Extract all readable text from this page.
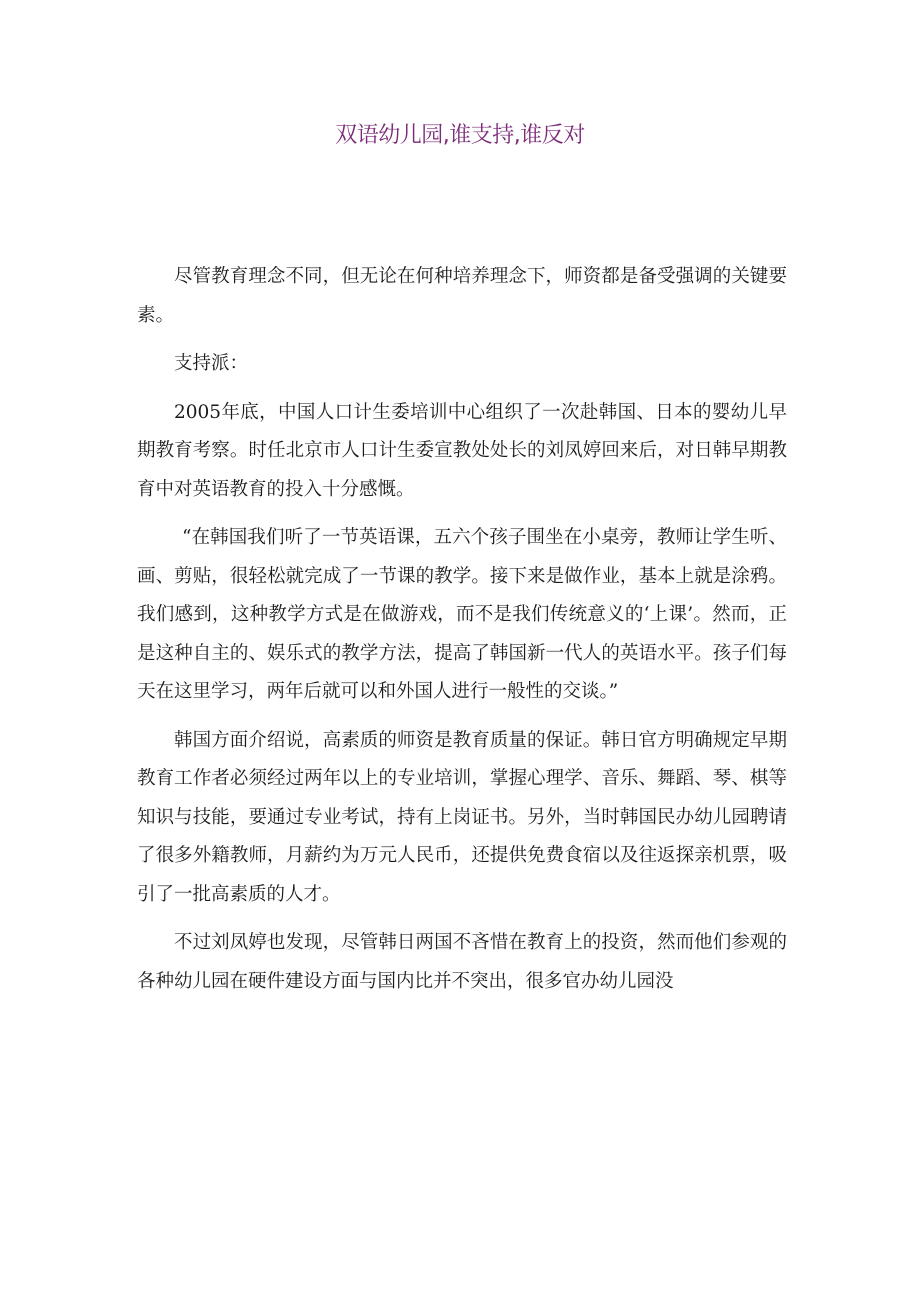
双语幼儿园,谁支持,谁反对

尽管教育理念不同，但无论在何种培养理念下，师资都是备受强调的关键要素。

支持派：

2005年底，中国人口计生委培训中心组织了一次赴韩国、日本的婴幼儿早期教育考察。时任北京市人口计生委宣教处处长的刘凤婷回来后，对日韩早期教育中对英语教育的投入十分感慨。

“在韩国我们听了一节英语课，五六个孩子围坐在小桌旁，教师让学生听、画、剪贴，很轻松就完成了一节课的教学。接下来是做作业，基本上就是涂鸦。我们感到，这种教学方式是在做游戏，而不是我们传统意义的‘上课’。然而，正是这种自主的、娱乐式的教学方法，提高了韩国新一代人的英语水平。孩子们每天在这里学习，两年后就可以和外国人进行一般性的交谈。”

韩国方面介绍说，高素质的师资是教育质量的保证。韩日官方明确规定早期教育工作者必须经过两年以上的专业培训，掌握心理学、音乐、舞蹈、琴、棋等知识与技能，要通过专业考试，持有上岗证书。另外，当时韩国民办幼儿园聘请了很多外籍教师，月薪约为万元人民币，还提供免费食宿以及往返探亲机票，吸引了一批高素质的人才。

不过刘凤婷也发现，尽管韩日两国不吝惜在教育上的投资，然而他们参观的各种幼儿园在硬件建设方面与国内比并不突出，很多官办幼儿园没
